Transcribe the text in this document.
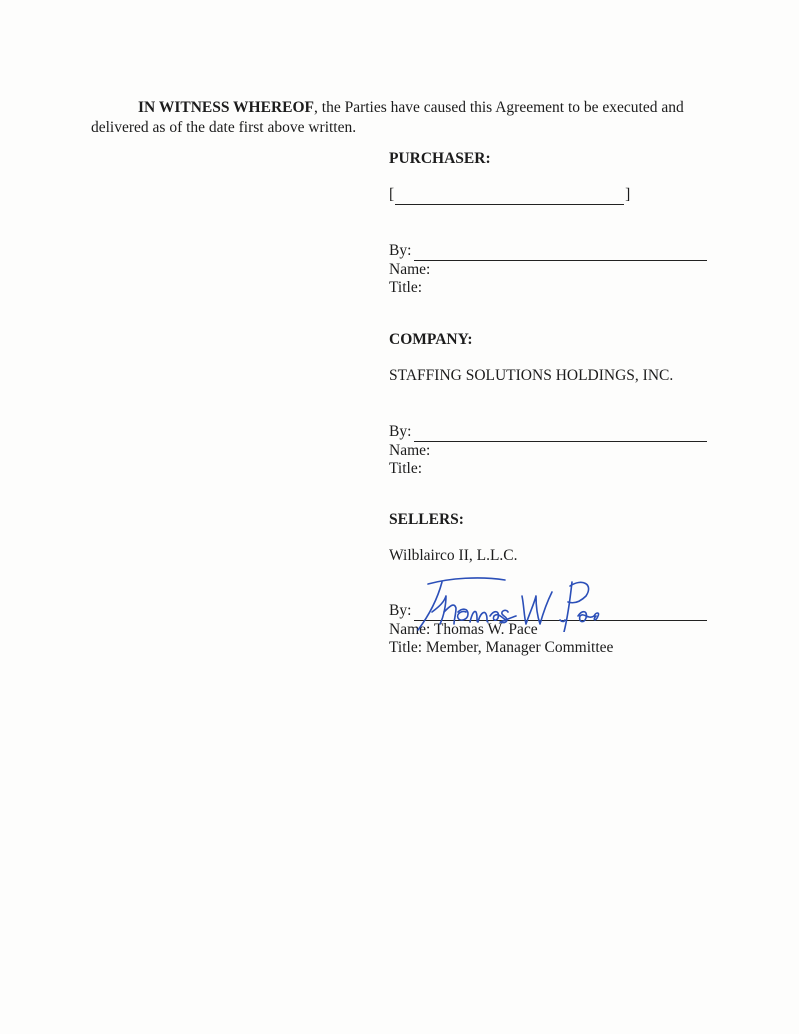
IN WITNESS WHEREOF, the Parties have caused this Agreement to be executed and
delivered as of the date first above written.
PURCHASER:
[	]
By:
Name:
Title:
COMPANY:
STAFFING SOLUTIONS HOLDINGS, INC.
By:
Name:
Title:
SELLERS:
Wilblairco II, L.L.C.
By:
Name: Thomas W. Pace
Title: Member, Manager Committee
